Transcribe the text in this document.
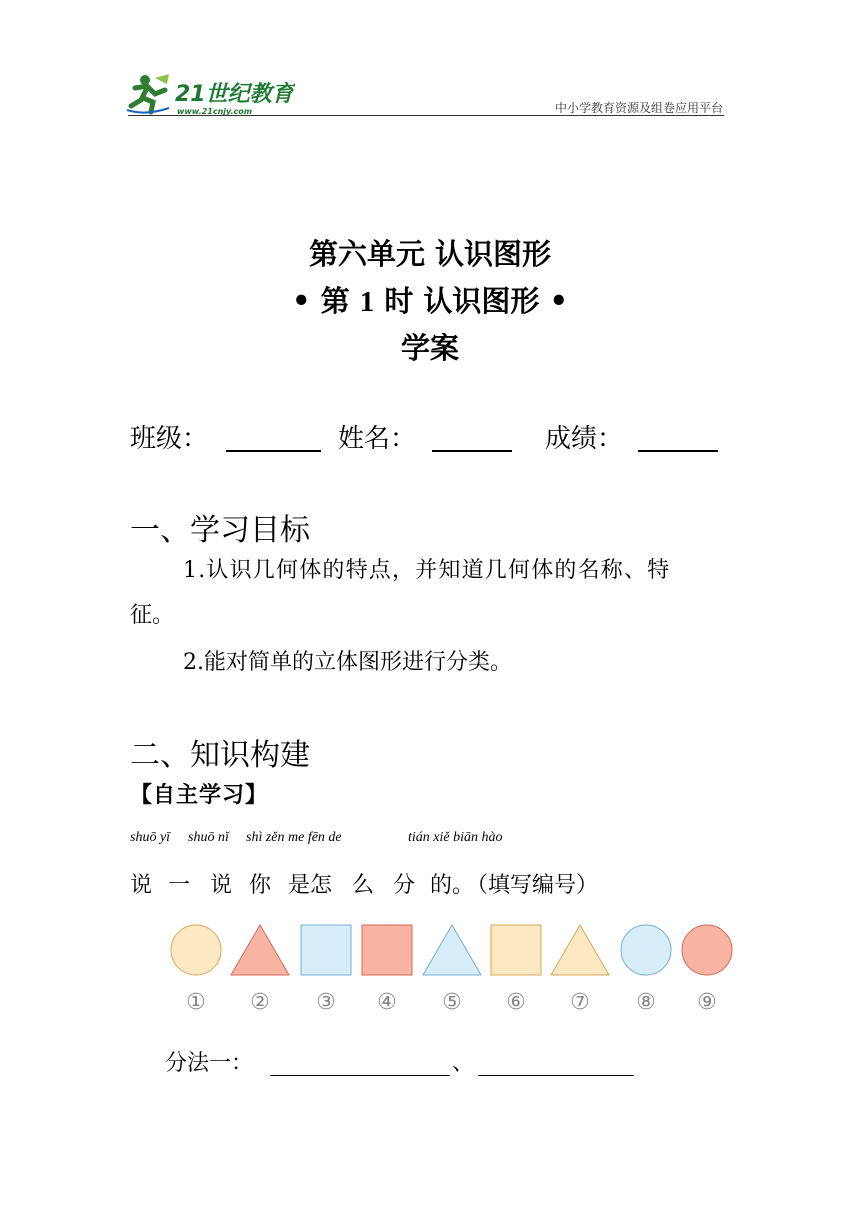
21世纪教育
www.21cnjy.com	中小学教育资源及组卷应用平台
第六单元 认识图形
• 第 1 时 认识图形 •
学案
班级：	姓名：	成绩：
一、学习目标
1.认识几何体的特点，并知道几何体的名称、特
征。
2.能对简单的立体图形进行分类。
二、知识构建
【自主学习】
shuō yī shuō nǐ shì zěn me fēn de	tián xiě biān hào
说 一 说 你 是怎 么 分 的。
（填写编号）
① ② ③ ④ ⑤ ⑥ ⑦ ⑧ ⑨
分法一：	、
